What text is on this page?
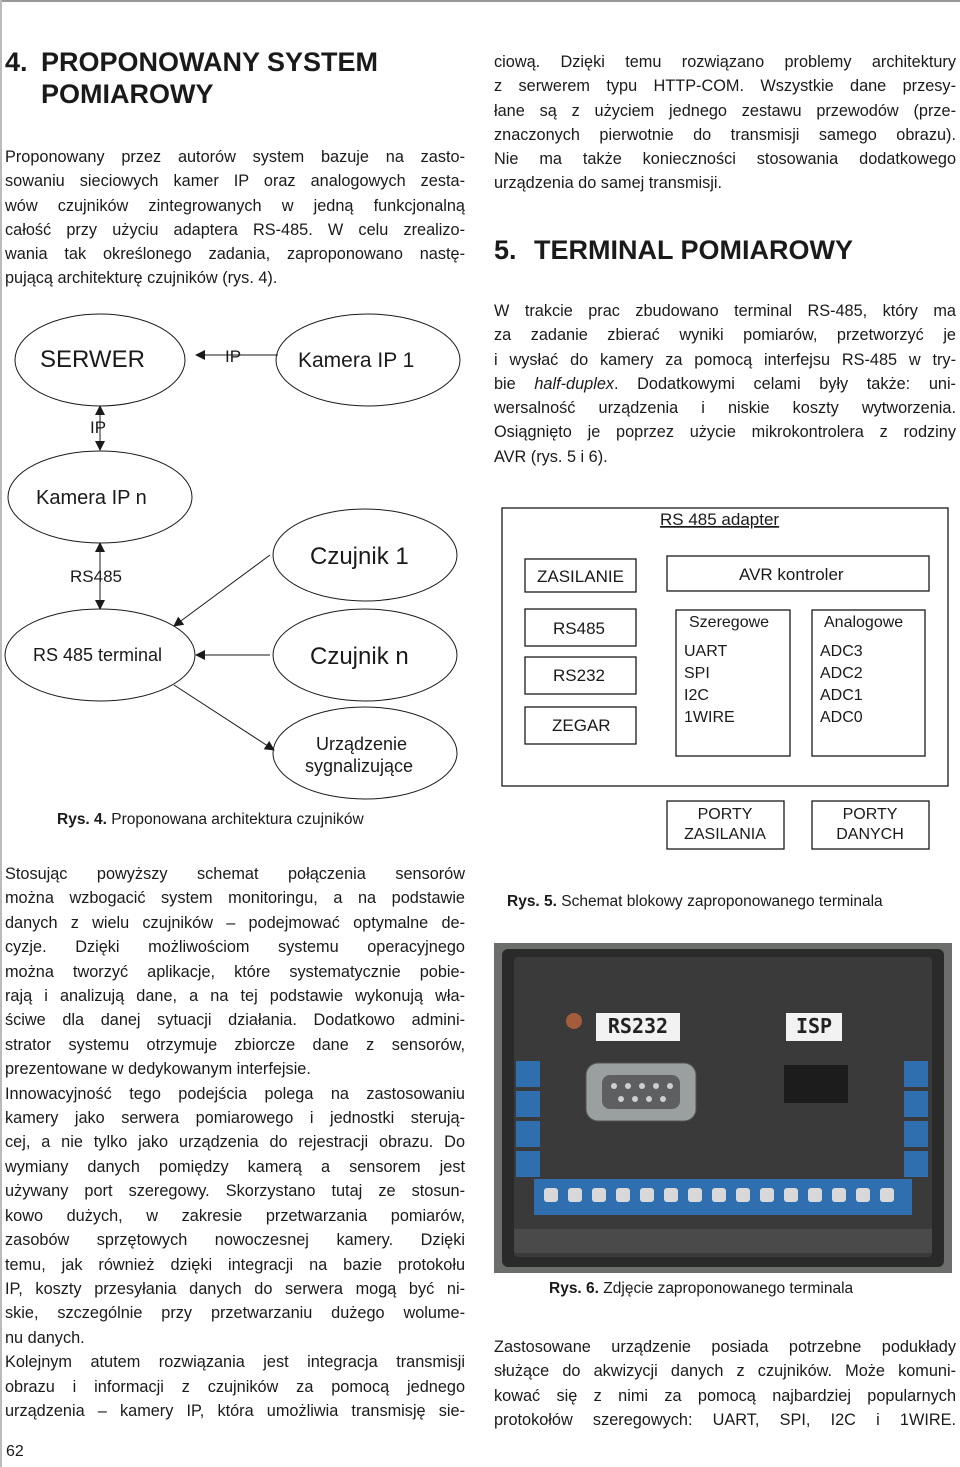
4. PROPONOWANY SYSTEM
POMIAROWY
Proponowany przez autorów system bazuje na zasto-
sowaniu sieciowych kamer IP oraz analogowych zesta-
wów czujników zintegrowanych w jedną funkcjonalną
całość przy użyciu adaptera RS-485. W celu zrealizo-
wania tak określonego zadania, zaproponowano nastę-
pującą architekturę czujników (rys. 4).
SERWER	IP	Kamera IP 1
IP
Kamera IP n
RS485
Czujnik 1
RS 485 terminal	Czujnik n
Urządzenie
sygnalizujące
Rys. 4. Proponowana architektura czujników
Stosując powyższy schemat połączenia sensorów
można wzbogacić system monitoringu, a na podstawie
danych z wielu czujników – podejmować optymalne de-
cyzje. Dzięki możliwościom systemu operacyjnego
można tworzyć aplikacje, które systematycznie pobie-
rają i analizują dane, a na tej podstawie wykonują wła-
ściwe dla danej sytuacji działania. Dodatkowo admini-
strator systemu otrzymuje zbiorcze dane z sensorów,
prezentowane w dedykowanym interfejsie.
Innowacyjność tego podejścia polega na zastosowaniu
kamery jako serwera pomiarowego i jednostki sterują-
cej, a nie tylko jako urządzenia do rejestracji obrazu. Do
wymiany danych pomiędzy kamerą a sensorem jest
używany port szeregowy. Skorzystano tutaj ze stosun-
kowo dużych, w zakresie przetwarzania pomiarów,
zasobów sprzętowych nowoczesnej kamery. Dzięki
temu, jak również dzięki integracji na bazie protokołu
IP, koszty przesyłania danych do serwera mogą być ni-
skie, szczególnie przy przetwarzaniu dużego wolume-
nu danych.
Kolejnym atutem rozwiązania jest integracja transmisji
obrazu i informacji z czujników za pomocą jednego
urządzenia – kamery IP, która umożliwia transmisję sie-
62
ciową. Dzięki temu rozwiązano problemy architektury
z serwerem typu HTTP-COM. Wszystkie dane przesy-
łane są z użyciem jednego zestawu przewodów (prze-
znaczonych pierwotnie do transmisji samego obrazu).
Nie ma także konieczności stosowania dodatkowego
urządzenia do samej transmisji.
5. TERMINAL POMIAROWY
W trakcie prac zbudowano terminal RS-485, który ma
za zadanie zbierać wyniki pomiarów, przetworzyć je
i wysłać do kamery za pomocą interfejsu RS-485 w try-
bie half-duplex. Dodatkowymi celami były także: uni-
wersalność urządzenia i niskie koszty wytworzenia.
Osiągnięto je poprzez użycie mikrokontrolera z rodziny
AVR (rys. 5 i 6).
RS 485 adapter
ZASILANIE	AVR kontroler
RS485
RS232
ZEGAR
Szeregowe
UART
SPI
I2C
1WIRE
Analogowe
ADC3
ADC2
ADC1
ADC0
PORTY
ZASILANIA
PORTY
DANYCH
Rys. 5. Schemat blokowy zaproponowanego terminala
RS232	ISP
Rys. 6. Zdjęcie zaproponowanego terminala
Zastosowane urządzenie posiada potrzebne podukłady
służące do akwizycji danych z czujników. Może komuni-
kować się z nimi za pomocą najbardziej popularnych
protokołów szeregowych: UART, SPI, I2C i 1WIRE.
